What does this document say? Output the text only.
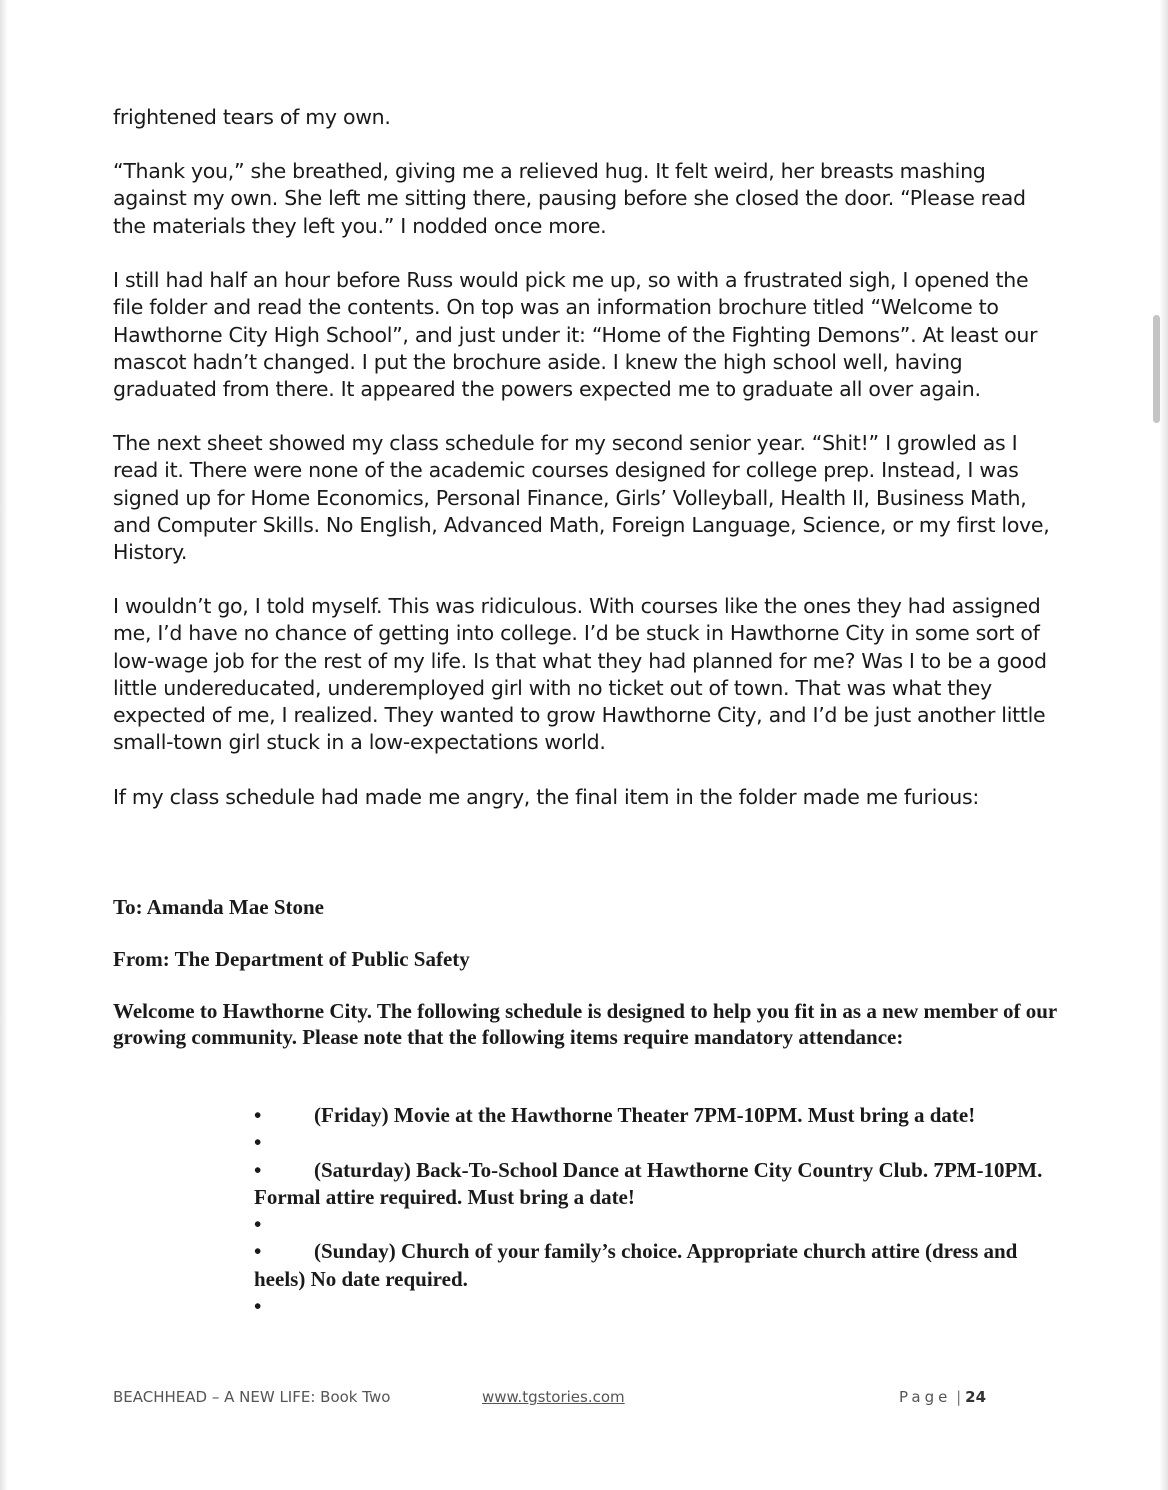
frightened tears of my own.

“Thank you,” she breathed, giving me a relieved hug. It felt weird, her breasts mashing against my own. She left me sitting there, pausing before she closed the door. “Please read the materials they left you.” I nodded once more.

I still had half an hour before Russ would pick me up, so with a frustrated sigh, I opened the file folder and read the contents. On top was an information brochure titled “Welcome to Hawthorne City High School”, and just under it: “Home of the Fighting Demons”. At least our mascot hadn’t changed. I put the brochure aside. I knew the high school well, having graduated from there. It appeared the powers expected me to graduate all over again.

The next sheet showed my class schedule for my second senior year. “Shit!” I growled as I read it. There were none of the academic courses designed for college prep. Instead, I was signed up for Home Economics, Personal Finance, Girls’ Volleyball, Health II, Business Math, and Computer Skills. No English, Advanced Math, Foreign Language, Science, or my first love, History.

I wouldn’t go, I told myself. This was ridiculous. With courses like the ones they had assigned me, I’d have no chance of getting into college. I’d be stuck in Hawthorne City in some sort of low-wage job for the rest of my life. Is that what they had planned for me? Was I to be a good little undereducated, underemployed girl with no ticket out of town. That was what they expected of me, I realized. They wanted to grow Hawthorne City, and I’d be just another little small-town girl stuck in a low-expectations world.

If my class schedule had made me angry, the final item in the folder made me furious:

To: Amanda Mae Stone

From: The Department of Public Safety

Welcome to Hawthorne City. The following schedule is designed to help you fit in as a new member of our growing community. Please note that the following items require mandatory attendance:

•	(Friday) Movie at the Hawthorne Theater 7PM-10PM. Must bring a date!
•
•	(Saturday) Back-To-School Dance at Hawthorne City Country Club. 7PM-10PM. Formal attire required. Must bring a date!
•
•	(Sunday) Church of your family’s choice. Appropriate church attire (dress and heels) No date required.
•
BEACHHEAD – A NEW LIFE: Book Two	www.tgstories.com	Page | 24
